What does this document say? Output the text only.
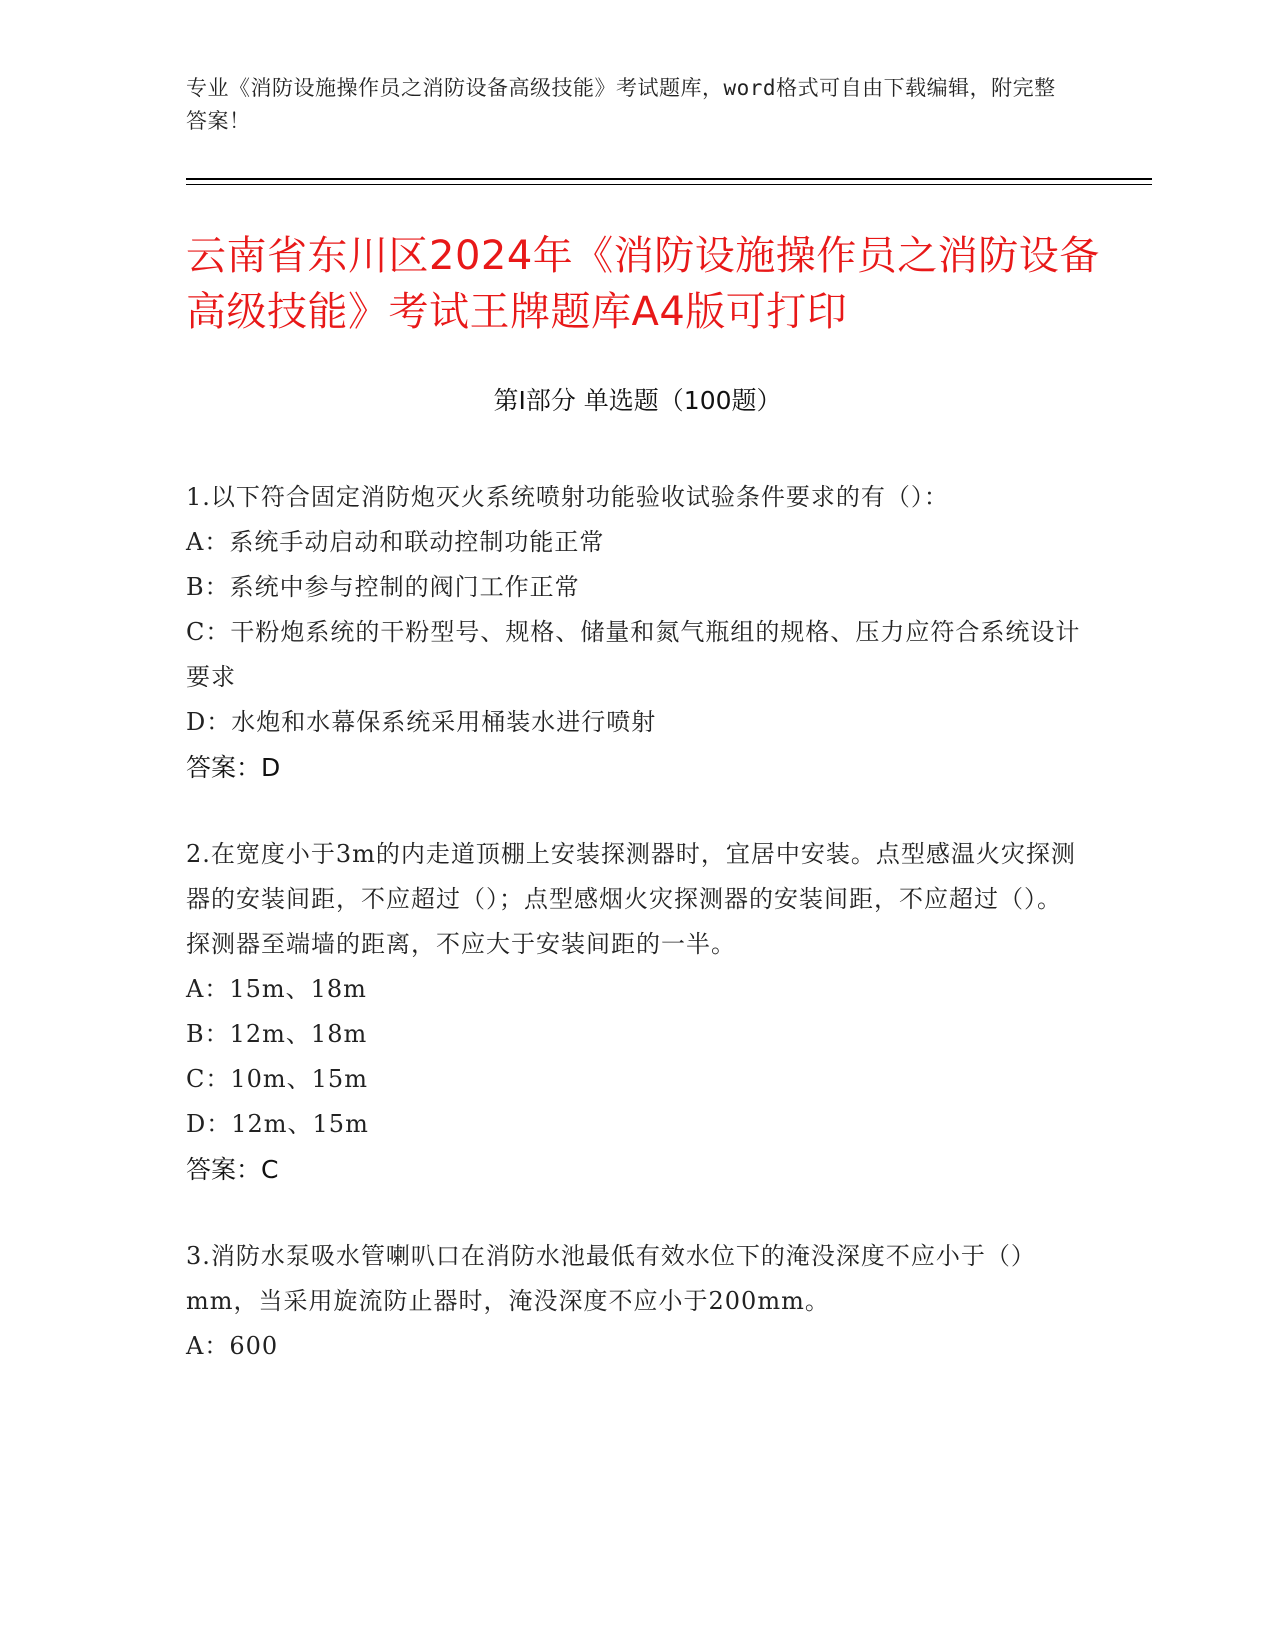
专业《消防设施操作员之消防设备高级技能》考试题库，word格式可自由下载编辑，附完整答案！
云南省东川区2024年《消防设施操作员之消防设备高级技能》考试王牌题库A4版可打印
第Ⅰ部分 单选题（100题）
1.以下符合固定消防炮灭火系统喷射功能验收试验条件要求的有（）：
A：系统手动启动和联动控制功能正常
B：系统中参与控制的阀门工作正常
C：干粉炮系统的干粉型号、规格、储量和氮气瓶组的规格、压力应符合系统设计要求
D：水炮和水幕保系统采用桶装水进行喷射
答案：D
2.在宽度小于3m的内走道顶棚上安装探测器时，宜居中安装。点型感温火灾探测器的安装间距，不应超过（）；点型感烟火灾探测器的安装间距，不应超过（）。探测器至端墙的距离，不应大于安装间距的一半。
A：15m、18m
B：12m、18m
C：10m、15m
D：12m、15m
答案：C
3.消防水泵吸水管喇叭口在消防水池最低有效水位下的淹没深度不应小于（）mm，当采用旋流防止器时，淹没深度不应小于200mm。
A：600
